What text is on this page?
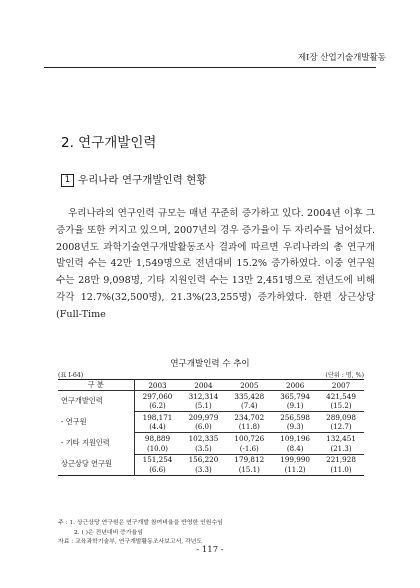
제Ⅰ장 산업기술개발활동
2. 연구개발인력
1 우리나라 연구개발인력 현황

우리나라의 연구인력 규모는 매년 꾸준히 증가하고 있다. 2004년 이후 그 증가율 또한 커지고 있으며, 2007년의 경우 증가율이 두 자리수를 넘어섰다. 2008년도 과학기술연구개발활동조사 결과에 따르면 우리나라의 총 연구개발인력 수는 42만 1,549명으로 전년대비 15.2% 증가하였다. 이중 연구원 수는 28만 9,098명, 기타 지원인력 수는 13만 2,451명으로 전년도에 비해 각각 12.7%(32,500명), 21.3%(23,255명) 증가하였다. 한편 상근상당(Full-Time

연구개발인력 수 추이
(표 Ⅰ-64)	(단위 : 명, %)
구 분	2003	2004	2005	2006	2007
연구개발인력	297,060	312,314	335,428	365,794	421,549
	(6.2)	(5.1)	(7.4)	(9.1)	(15.2)
- 연구원	198,171	209,979	234,702	256,598	289,098
	(4.4)	(6.0)	(11.8)	(9.3)	(12.7)
- 기타 지원인력	98,889	102,335	100,726	109,196	132,451
	(10.0)	(3.5)	(-1.6)	(8.4)	(21.3)
상근상당 연구원	151,254	156,220	179,812	199,990	221,928
	(6.6)	(3.3)	(15.1)	(11.2)	(11.0)
주 : 1. 상근상당 연구원은 연구개발 참여비율을 반영한 인원수임
2. ( )은 전년대비 증가율임
자료 : 교육과학기술부, 연구개발활동조사보고서, 각년도
- 117 -
